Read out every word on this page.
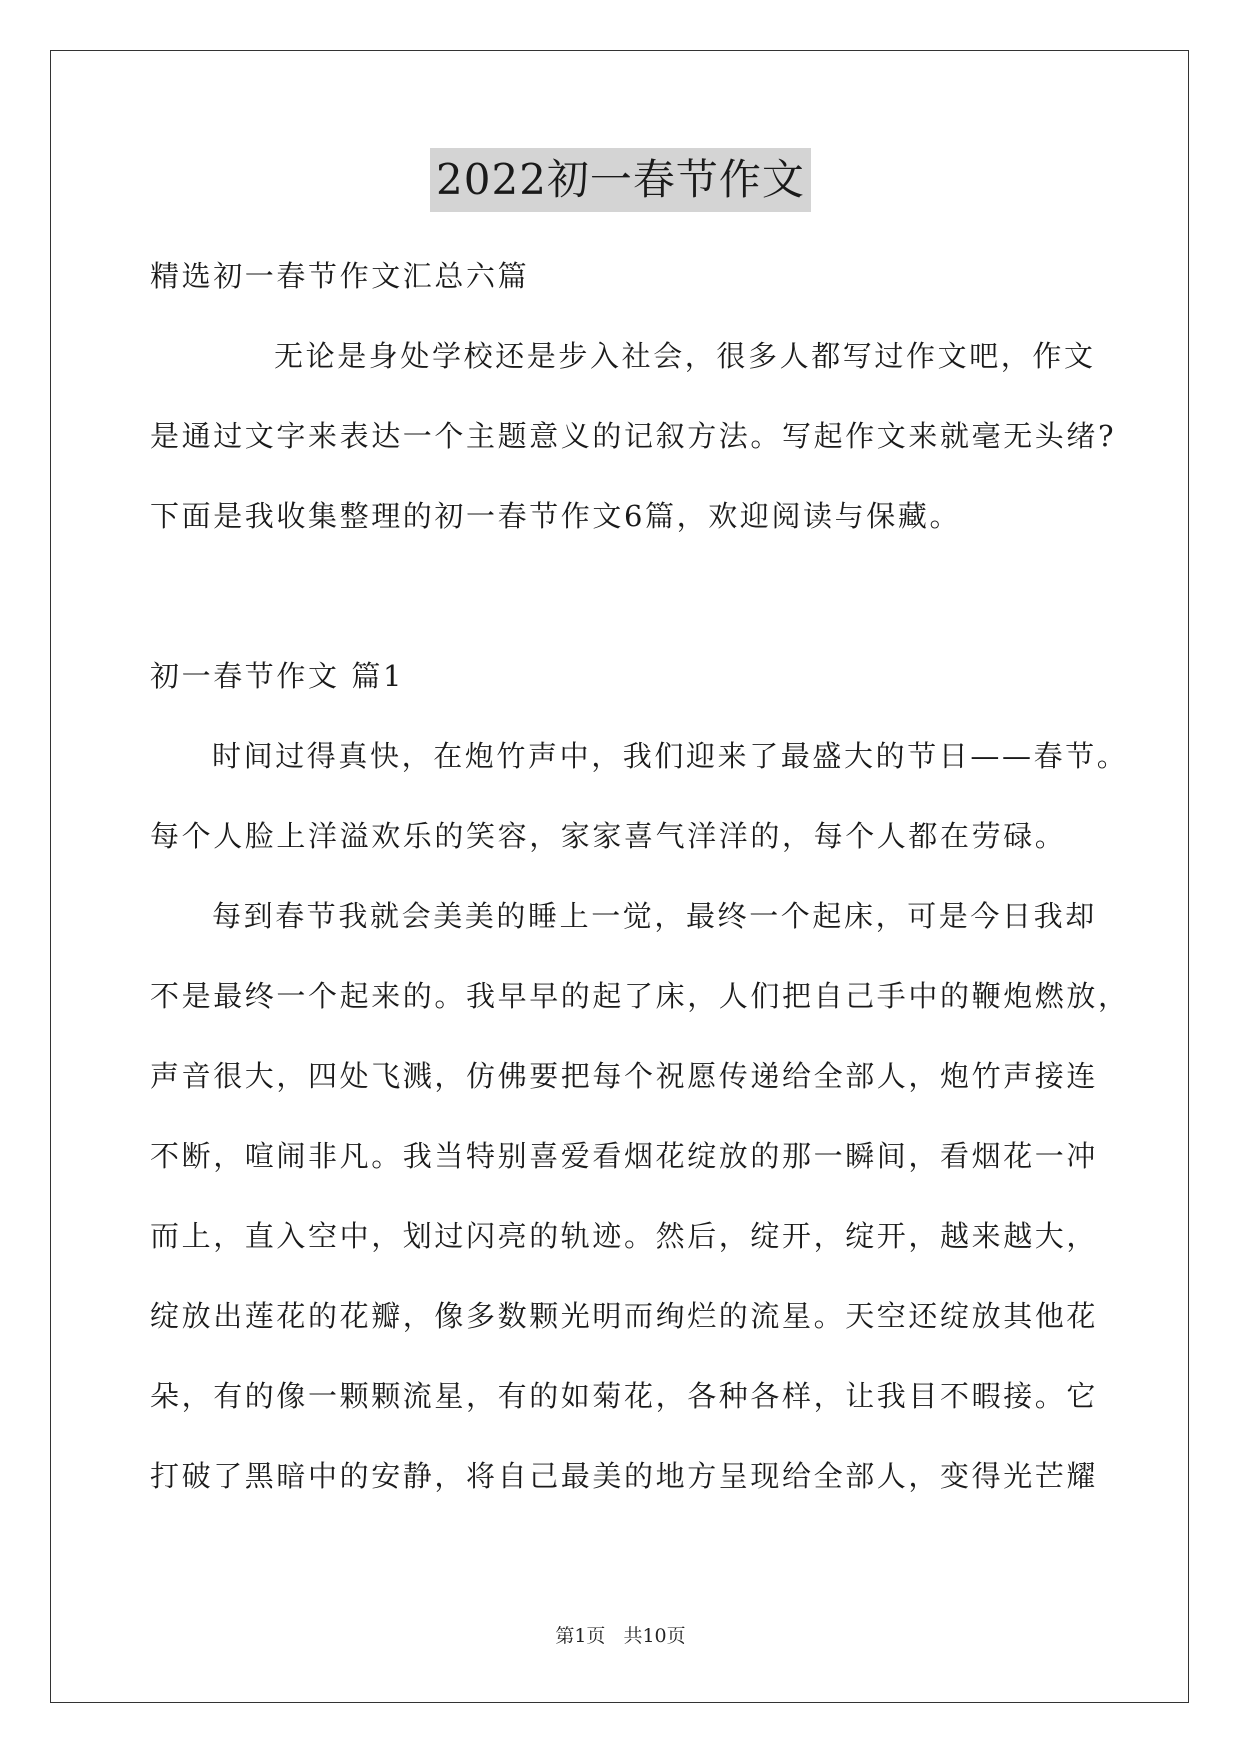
2022初一春节作文
精选初一春节作文汇总六篇
无论是身处学校还是步入社会，很多人都写过作文吧，作文
是通过文字来表达一个主题意义的记叙方法。写起作文来就毫无头绪?
下面是我收集整理的初一春节作文6篇，欢迎阅读与保藏。
初一春节作文 篇1
时间过得真快，在炮竹声中，我们迎来了最盛大的节日——春节。
每个人脸上洋溢欢乐的笑容，家家喜气洋洋的，每个人都在劳碌。
每到春节我就会美美的睡上一觉，最终一个起床，可是今日我却
不是最终一个起来的。我早早的起了床，人们把自己手中的鞭炮燃放，
声音很大，四处飞溅，仿佛要把每个祝愿传递给全部人，炮竹声接连
不断，喧闹非凡。我当特别喜爱看烟花绽放的那一瞬间，看烟花一冲
而上，直入空中，划过闪亮的轨迹。然后，绽开，绽开，越来越大，
绽放出莲花的花瓣，像多数颗光明而绚烂的流星。天空还绽放其他花
朵，有的像一颗颗流星，有的如菊花，各种各样，让我目不暇接。它
打破了黑暗中的安静，将自己最美的地方呈现给全部人，变得光芒耀
第1页 共10页
